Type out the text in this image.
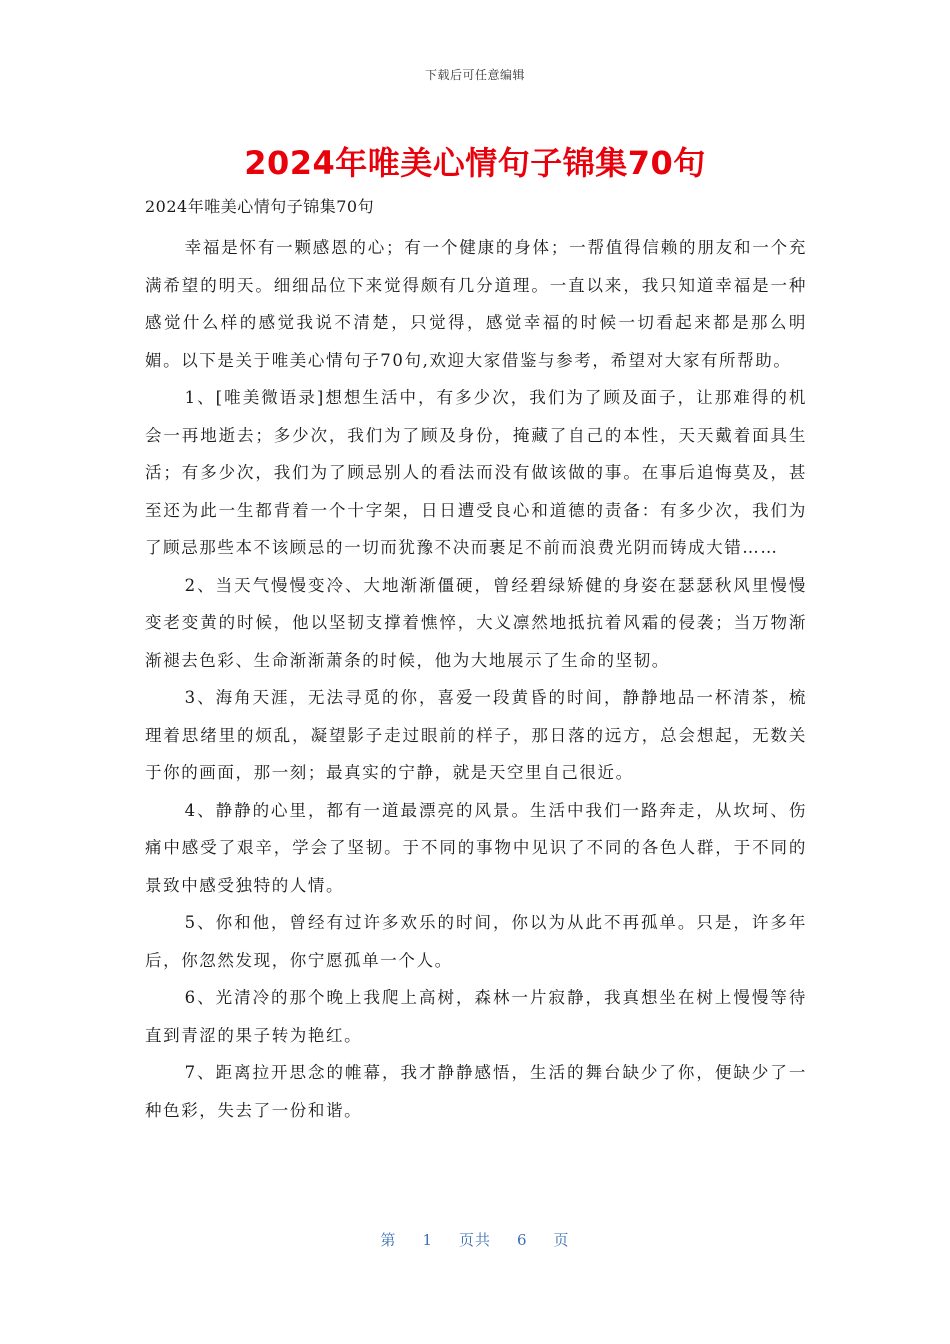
下载后可任意编辑
2024年唯美心情句子锦集70句

2024年唯美心情句子锦集70句

幸福是怀有一颗感恩的心；有一个健康的身体；一帮值得信赖的朋友和一个充满希望的明天。细细品位下来觉得颇有几分道理。一直以来，我只知道幸福是一种感觉什么样的感觉我说不清楚，只觉得，感觉幸福的时候一切看起来都是那么明媚。以下是关于唯美心情句子70句,欢迎大家借鉴与参考，希望对大家有所帮助。

1、[唯美微语录]想想生活中，有多少次，我们为了顾及面子，让那难得的机会一再地逝去；多少次，我们为了顾及身份，掩藏了自己的本性，天天戴着面具生活；有多少次，我们为了顾忌别人的看法而没有做该做的事。在事后追悔莫及，甚至还为此一生都背着一个十字架，日日遭受良心和道德的责备：有多少次，我们为了顾忌那些本不该顾忌的一切而犹豫不决而裹足不前而浪费光阴而铸成大错……

2、当天气慢慢变冷、大地渐渐僵硬，曾经碧绿矫健的身姿在瑟瑟秋风里慢慢变老变黄的时候，他以坚韧支撑着憔悴，大义凛然地抵抗着风霜的侵袭；当万物渐渐褪去色彩、生命渐渐萧条的时候，他为大地展示了生命的坚韧。

3、海角天涯，无法寻觅的你，喜爱一段黄昏的时间，静静地品一杯清茶，梳理着思绪里的烦乱，凝望影子走过眼前的样子，那日落的远方，总会想起，无数关于你的画面，那一刻；最真实的宁静，就是天空里自己很近。

4、静静的心里，都有一道最漂亮的风景。生活中我们一路奔走，从坎坷、伤痛中感受了艰辛，学会了坚韧。于不同的事物中见识了不同的各色人群，于不同的景致中感受独特的人情。

5、你和他，曾经有过许多欢乐的时间，你以为从此不再孤单。只是，许多年后，你忽然发现，你宁愿孤单一个人。

6、光清冷的那个晚上我爬上高树，森林一片寂静，我真想坐在树上慢慢等待直到青涩的果子转为艳红。

7、距离拉开思念的帷幕，我才静静感悟，生活的舞台缺少了你，便缺少了一种色彩，失去了一份和谐。

第 1 页共 6 页
